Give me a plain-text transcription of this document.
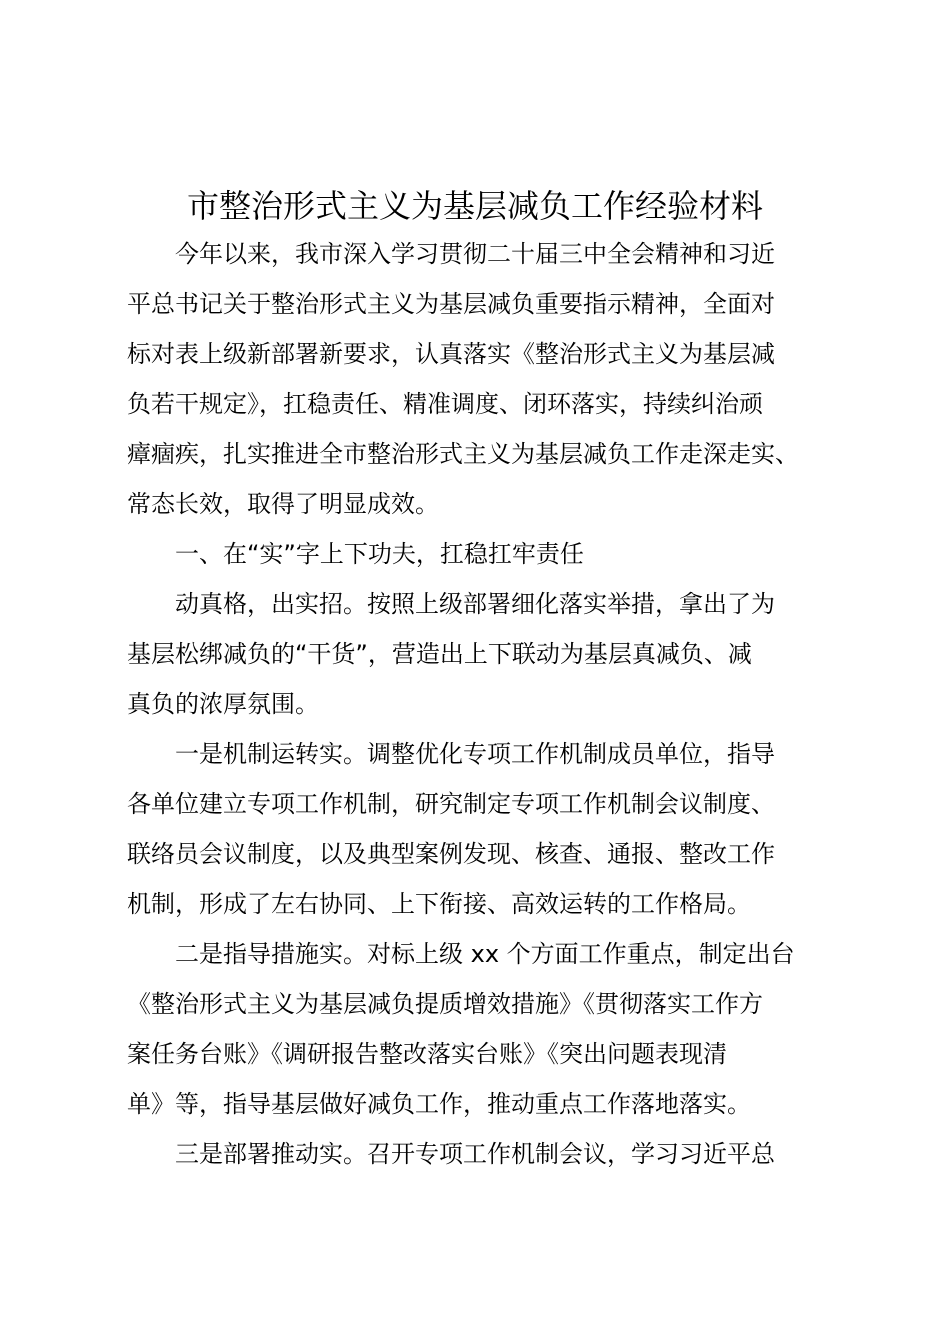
市整治形式主义为基层减负工作经验材料
今年以来，我市深入学习贯彻二十届三中全会精神和习近
平总书记关于整治形式主义为基层减负重要指示精神，全面对
标对表上级新部署新要求，认真落实《整治形式主义为基层减
负若干规定》，扛稳责任、精准调度、闭环落实，持续纠治顽
瘴痼疾，扎实推进全市整治形式主义为基层减负工作走深走实、
常态长效，取得了明显成效。
一、在“实”字上下功夫，扛稳扛牢责任
动真格，出实招。按照上级部署细化落实举措，拿出了为
基层松绑减负的“干货”，营造出上下联动为基层真减负、减
真负的浓厚氛围。
一是机制运转实。调整优化专项工作机制成员单位，指导
各单位建立专项工作机制，研究制定专项工作机制会议制度、
联络员会议制度，以及典型案例发现、核查、通报、整改工作
机制，形成了左右协同、上下衔接、高效运转的工作格局。
二是指导措施实。对标上级 xx 个方面工作重点，制定出台
《整治形式主义为基层减负提质增效措施》《贯彻落实工作方
案任务台账》《调研报告整改落实台账》《突出问题表现清
单》等，指导基层做好减负工作，推动重点工作落地落实。
三是部署推动实。召开专项工作机制会议，学习习近平总
